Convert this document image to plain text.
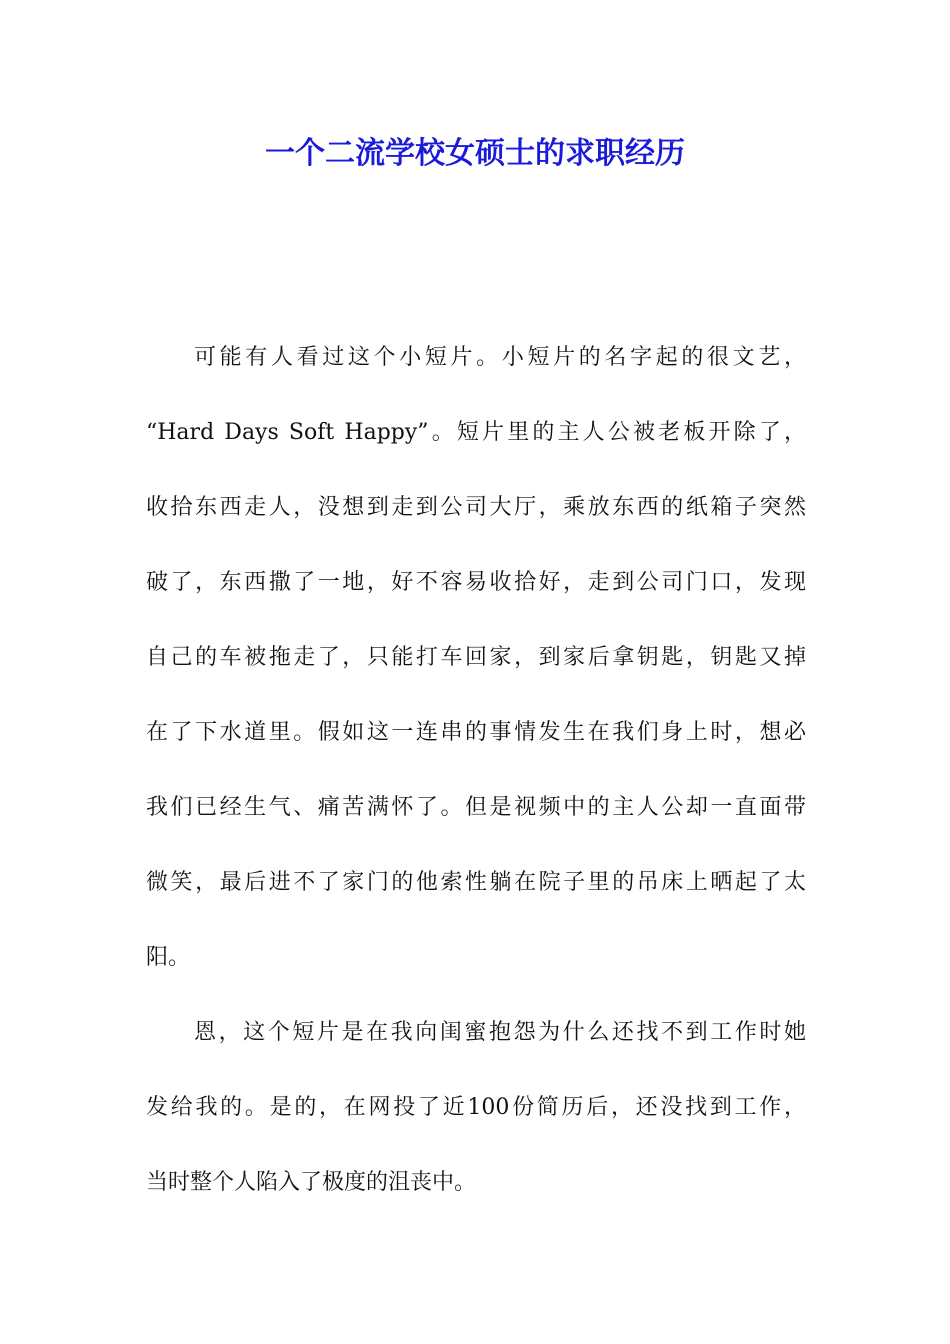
一个二流学校女硕士的求职经历
可能有人看过这个小短片。小短片的名字起的很文艺，
“Hard Days Soft Happy”。短片里的主人公被老板开除了，
收拾东西走人，没想到走到公司大厅，乘放东西的纸箱子突然
破了，东西撒了一地，好不容易收拾好，走到公司门口，发现
自己的车被拖走了，只能打车回家，到家后拿钥匙，钥匙又掉
在了下水道里。假如这一连串的事情发生在我们身上时，想必
我们已经生气、痛苦满怀了。但是视频中的主人公却一直面带
微笑，最后进不了家门的他索性躺在院子里的吊床上晒起了太
阳。
恩，这个短片是在我向闺蜜抱怨为什么还找不到工作时她
发给我的。是的，在网投了近100份简历后，还没找到工作，
当时整个人陷入了极度的沮丧中。
